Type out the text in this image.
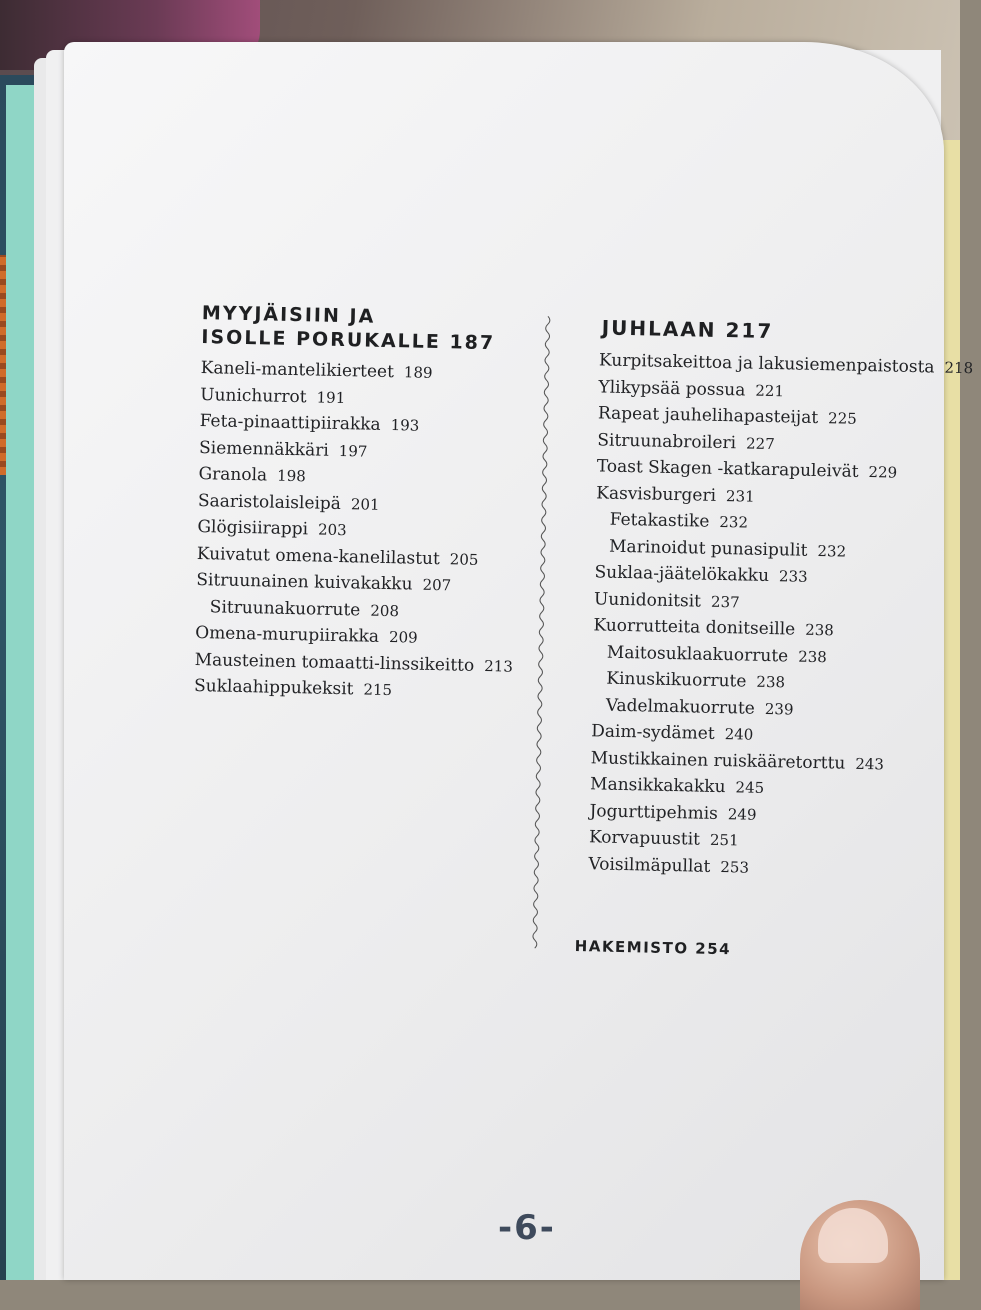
MYYJÄISIIN JA
ISOLLE PORUKALLE 187
Kaneli-mantelikierteet 189
Uunichurrot 191
Feta-pinaattipiirakka 193
Siemennäkkäri 197
Granola 198
Saaristolaisleipä 201
Glögisiirappi 203
Kuivatut omena-kanelilastut 205
Sitruunainen kuivakakku 207
Sitruunakuorrute 208
Omena-murupiirakka 209
Mausteinen tomaatti-linssikeitto 213
Suklaahippukeksit 215
JUHLAAN 217
Kurpitsakeittoa ja lakusiemenpaistosta 218
Ylikypsää possua 221
Rapeat jauhelihapasteijat 225
Sitruunabroileri 227
Toast Skagen -katkarapuleivät 229
Kasvisburgeri 231
Fetakastike 232
Marinoidut punasipulit 232
Suklaa-jäätelökakku 233
Uunidonitsit 237
Kuorrutteita donitseille 238
Maitosuklaakuorrute 238
Kinuskikuorrute 238
Vadelmakuorrute 239
Daim-sydämet 240
Mustikkainen ruiskääretorttu 243
Mansikkakakku 245
Jogurttipehmis 249
Korvapuustit 251
Voisilmäpullat 253
HAKEMISTO 254
-6-
